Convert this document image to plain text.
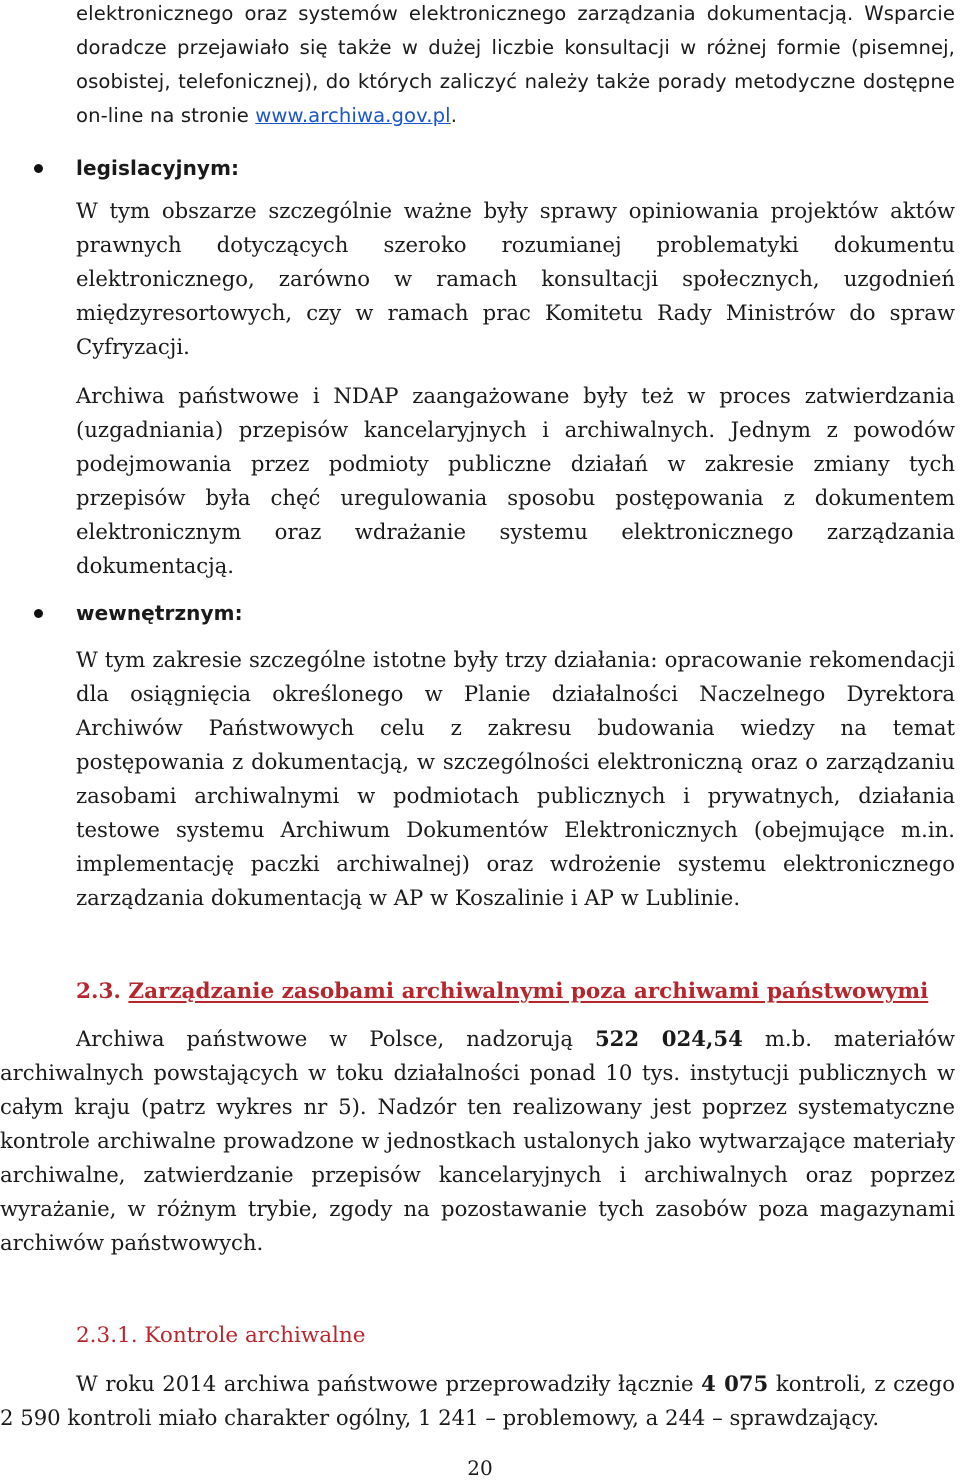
elektronicznego oraz systemów elektronicznego zarządzania dokumentacją. Wsparcie doradcze przejawiało się także w dużej liczbie konsultacji w różnej formie (pisemnej, osobistej, telefonicznej), do których zaliczyć należy także porady metodyczne dostępne on-line na stronie www.archiwa.gov.pl.

legislacyjnym:

W tym obszarze szczególnie ważne były sprawy opiniowania projektów aktów prawnych dotyczących szeroko rozumianej problematyki dokumentu elektronicznego, zarówno w ramach konsultacji społecznych, uzgodnień międzyresortowych, czy w ramach prac Komitetu Rady Ministrów do spraw Cyfryzacji.

Archiwa państwowe i NDAP zaangażowane były też w proces zatwierdzania (uzgadniania) przepisów kancelaryjnych i archiwalnych. Jednym z powodów podejmowania przez podmioty publiczne działań w zakresie zmiany tych przepisów była chęć uregulowania sposobu postępowania z dokumentem elektronicznym oraz wdrażanie systemu elektronicznego zarządzania dokumentacją.

wewnętrznym:

W tym zakresie szczególne istotne były trzy działania: opracowanie rekomendacji dla osiągnięcia określonego w Planie działalności Naczelnego Dyrektora Archiwów Państwowych celu z zakresu budowania wiedzy na temat postępowania z dokumentacją, w szczególności elektroniczną oraz o zarządzaniu zasobami archiwalnymi w podmiotach publicznych i prywatnych, działania testowe systemu Archiwum Dokumentów Elektronicznych (obejmujące m.in. implementację paczki archiwalnej) oraz wdrożenie systemu elektronicznego zarządzania dokumentacją w AP w Koszalinie i AP w Lublinie.

2.3. Zarządzanie zasobami archiwalnymi poza archiwami państwowymi

Archiwa państwowe w Polsce, nadzorują 522 024,54 m.b. materiałów archiwalnych powstających w toku działalności ponad 10 tys. instytucji publicznych w całym kraju (patrz wykres nr 5). Nadzór ten realizowany jest poprzez systematyczne kontrole archiwalne prowadzone w jednostkach ustalonych jako wytwarzające materiały archiwalne, zatwierdzanie przepisów kancelaryjnych i archiwalnych oraz poprzez wyrażanie, w różnym trybie, zgody na pozostawanie tych zasobów poza magazynami archiwów państwowych.

2.3.1. Kontrole archiwalne

W roku 2014 archiwa państwowe przeprowadziły łącznie 4 075 kontroli, z czego 2 590 kontroli miało charakter ogólny, 1 241 – problemowy, a 244 – sprawdzający.

20
